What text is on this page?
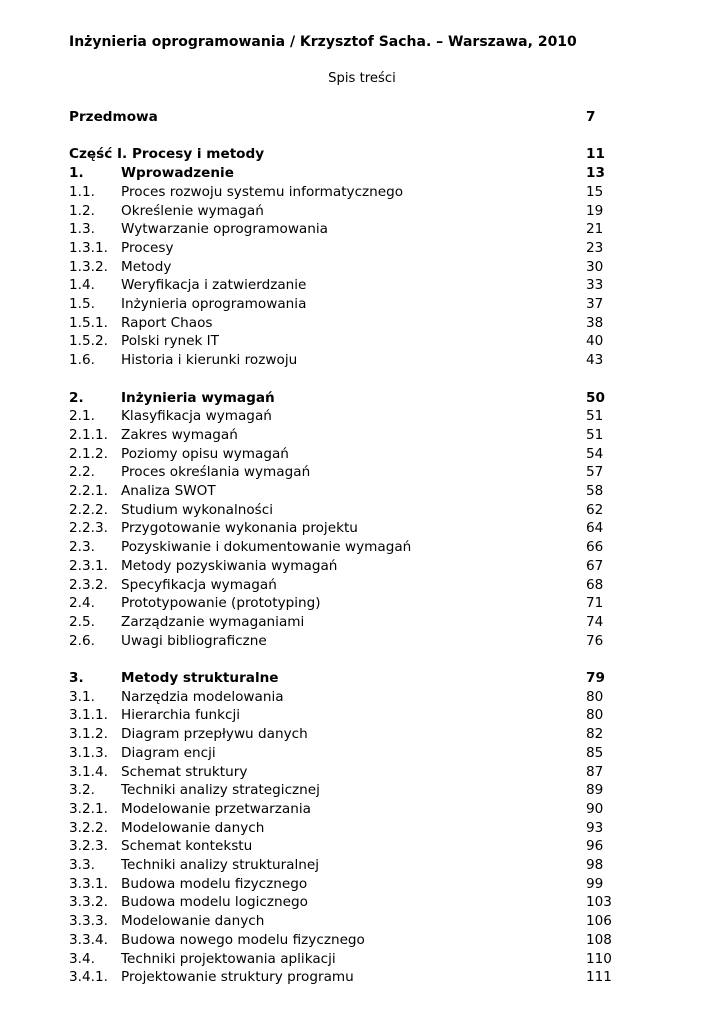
Inżynieria oprogramowania / Krzysztof Sacha. – Warszawa, 2010
Spis treści
Przedmowa	7
Część I. Procesy i metody	11
1.	Wprowadzenie	13
1.1. Proces rozwoju systemu informatycznego	15
1.2. Określenie wymagań	19
1.3. Wytwarzanie oprogramowania	21
1.3.1. Procesy	23
1.3.2. Metody	30
1.4. Weryfikacja i zatwierdzanie	33
1.5. Inżynieria oprogramowania	37
1.5.1. Raport Chaos	38
1.5.2. Polski rynek IT	40
1.6. Historia i kierunki rozwoju	43
2.	Inżynieria wymagań	50
2.1. Klasyfikacja wymagań	51
2.1.1. Zakres wymagań	51
2.1.2. Poziomy opisu wymagań	54
2.2. Proces określania wymagań	57
2.2.1. Analiza SWOT	58
2.2.2. Studium wykonalności	62
2.2.3. Przygotowanie wykonania projektu	64
2.3. Pozyskiwanie i dokumentowanie wymagań	66
2.3.1. Metody pozyskiwania wymagań	67
2.3.2. Specyfikacja wymagań	68
2.4. Prototypowanie (prototyping)	71
2.5. Zarządzanie wymaganiami	74
2.6. Uwagi bibliograficzne	76
3.	Metody strukturalne	79
3.1. Narzędzia modelowania	80
3.1.1. Hierarchia funkcji	80
3.1.2. Diagram przepływu danych	82
3.1.3. Diagram encji	85
3.1.4. Schemat struktury	87
3.2. Techniki analizy strategicznej	89
3.2.1. Modelowanie przetwarzania	90
3.2.2. Modelowanie danych	93
3.2.3. Schemat kontekstu	96
3.3. Techniki analizy strukturalnej	98
3.3.1. Budowa modelu fizycznego	99
3.3.2. Budowa modelu logicznego	103
3.3.3. Modelowanie danych	106
3.3.4. Budowa nowego modelu fizycznego	108
3.4. Techniki projektowania aplikacji	110
3.4.1. Projektowanie struktury programu	111
